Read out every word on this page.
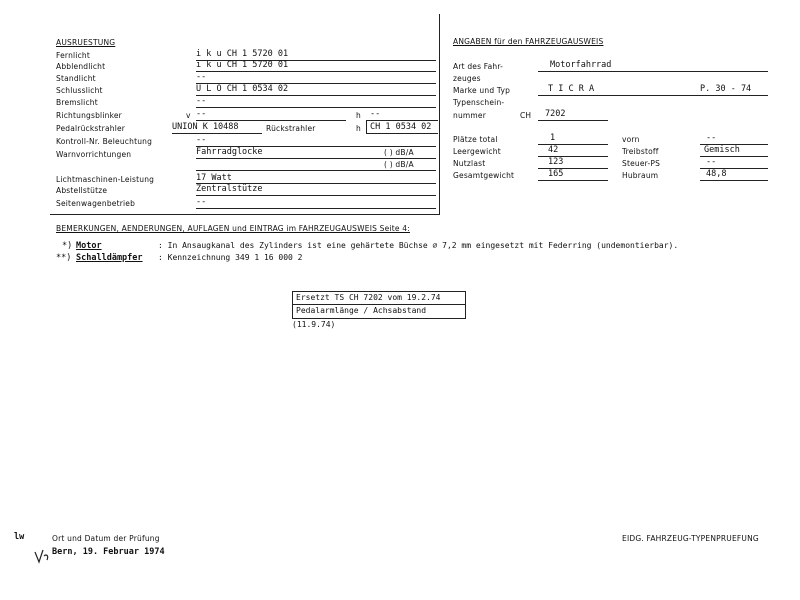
AUSRUESTUNG
Fernlicht	i k u CH 1 5720 01
Abblendlicht	i k u CH 1 5720 01
Standlicht	--
Schlusslicht	U L O CH 1 0534 02
Bremslicht	--
Richtungsblinker	v --	h --
Pedalrückstrahler	UNION K 10488	Rückstrahler	h CH 1 0534 02
Kontroll-Nr. Beleuchtung	--
Warnvorrichtungen	Fahrradglocke	( ) dB/A
( ) dB/A
Lichtmaschinen-Leistung	17 Watt
Abstellstütze	Zentralstütze
Seitenwagenbetrieb	--
ANGABEN für den FAHRZEUGAUSWEIS
Art des Fahr-
zeuges
Motorfahrrad
Marke und Typ	T I C R A	P. 30 - 74
Typenschein-
nummer	CH 7202
Plätze total	1	vorn	--
Leergewicht	42	Treibstoff	Gemisch
Nutzlast	123	Steuer-PS	--
Gesamtgewicht	165	Hubraum	48,8
BEMERKUNGEN, AENDERUNGEN, AUFLAGEN und EINTRAG im FAHRZEUGAUSWEIS Seite 4:
*) Motor	: In Ansaugkanal des Zylinders ist eine gehärtete Büchse ∅ 7,2 mm eingesetzt mit Federring (undemontierbar).
**) Schalldämpfer : Kennzeichnung 349 1 16 000 2
Ersetzt TS CH 7202 vom 19.2.74
Pedalarmlänge / Achsabstand
(11.9.74)
lw	Ort und Datum der Prüfung
Bern, 19. Februar 1974
EIDG. FAHRZEUG-TYPENPRUEFUNG
